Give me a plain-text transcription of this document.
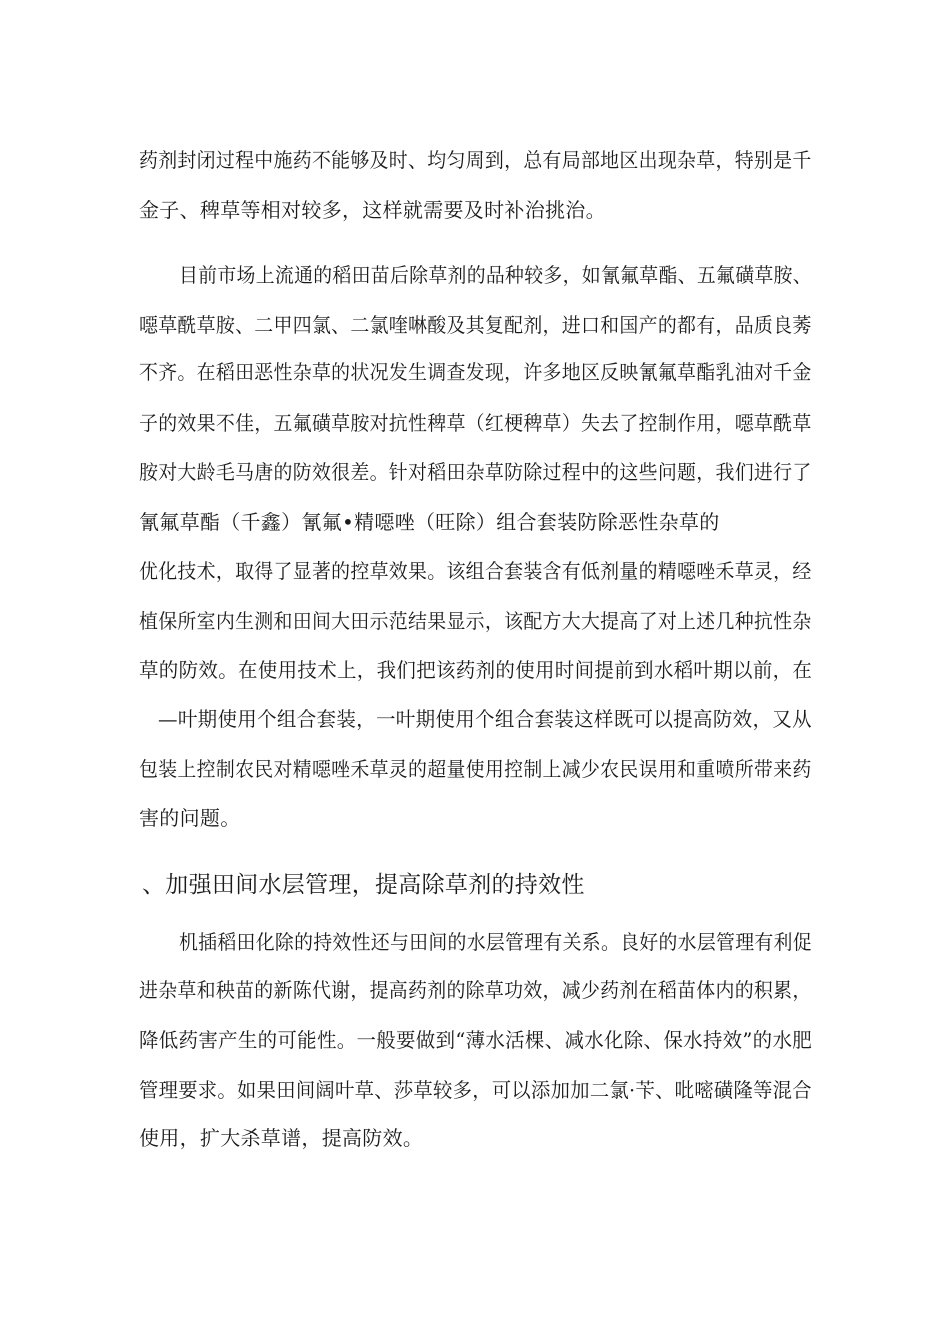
药剂封闭过程中施药不能够及时、均匀周到，总有局部地区出现杂草，特别是千
金子、稗草等相对较多，这样就需要及时补治挑治。
目前市场上流通的稻田苗后除草剂的品种较多，如氰氟草酯、五氟磺草胺、
噁草酰草胺、二甲四氯、二氯喹啉酸及其复配剂，进口和国产的都有，品质良莠
不齐。在稻田恶性杂草的状况发生调查发现，许多地区反映氰氟草酯乳油对千金
子的效果不佳，五氟磺草胺对抗性稗草（红梗稗草）失去了控制作用，噁草酰草
胺对大龄毛马唐的防效很差。针对稻田杂草防除过程中的这些问题，我们进行了
氰氟草酯（千鑫）氰氟•精噁唑（旺除）组合套装防除恶性杂草的
优化技术，取得了显著的控草效果。该组合套装含有低剂量的精噁唑禾草灵，经
植保所室内生测和田间大田示范结果显示，该配方大大提高了对上述几种抗性杂
草的防效。在使用技术上，我们把该药剂的使用时间提前到水稻叶期以前，在
—叶期使用个组合套装，一叶期使用个组合套装这样既可以提高防效，又从
包装上控制农民对精噁唑禾草灵的超量使用控制上减少农民误用和重喷所带来药
害的问题。
、加强田间水层管理，提高除草剂的持效性
机插稻田化除的持效性还与田间的水层管理有关系。良好的水层管理有利促
进杂草和秧苗的新陈代谢，提高药剂的除草功效，减少药剂在稻苗体内的积累，
降低药害产生的可能性。一般要做到“薄水活棵、减水化除、保水持效”的水肥
管理要求。如果田间阔叶草、莎草较多，可以添加加二氯·苄、吡嘧磺隆等混合
使用，扩大杀草谱，提高防效。
